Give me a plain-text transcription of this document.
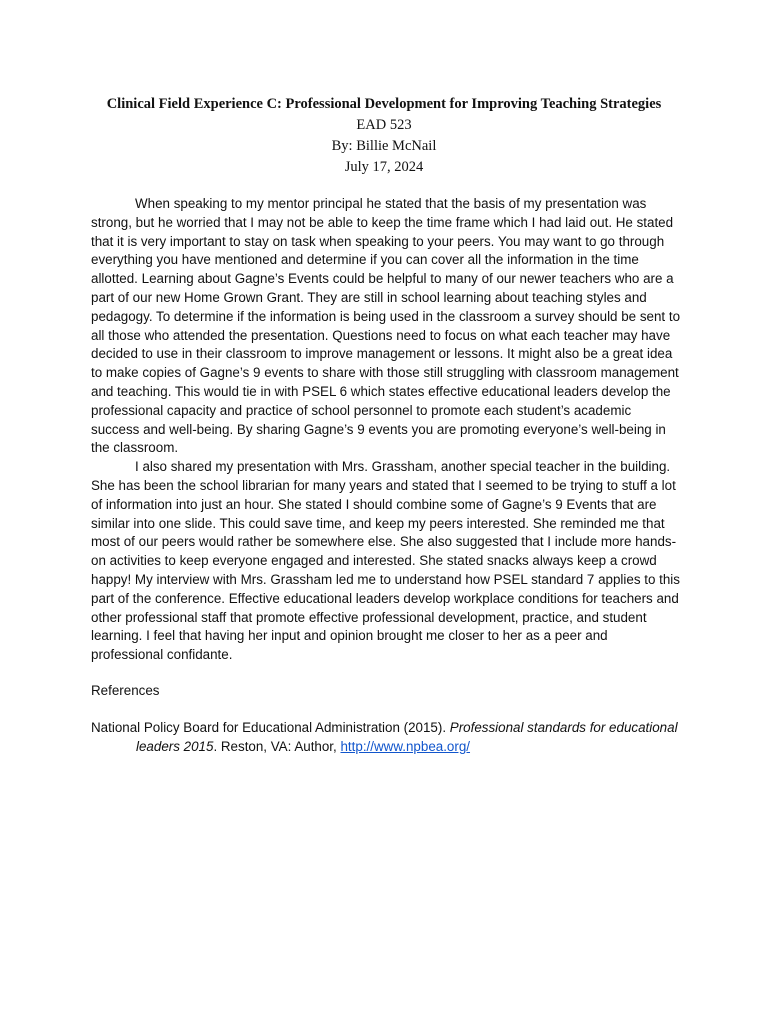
Clinical Field Experience C: Professional Development for Improving Teaching Strategies
EAD 523
By: Billie McNail
July 17, 2024

When speaking to my mentor principal he stated that the basis of my presentation was strong, but he worried that I may not be able to keep the time frame which I had laid out. He stated that it is very important to stay on task when speaking to your peers. You may want to go through everything you have mentioned and determine if you can cover all the information in the time allotted. Learning about Gagne’s Events could be helpful to many of our newer teachers who are a part of our new Home Grown Grant. They are still in school learning about teaching styles and pedagogy. To determine if the information is being used in the classroom a survey should be sent to all those who attended the presentation. Questions need to focus on what each teacher may have decided to use in their classroom to improve management or lessons. It might also be a great idea to make copies of Gagne’s 9 events to share with those still struggling with classroom management and teaching. This would tie in with PSEL 6 which states effective educational leaders develop the professional capacity and practice of school personnel to promote each student’s academic success and well-being. By sharing Gagne’s 9 events you are promoting everyone’s well-being in the classroom.

I also shared my presentation with Mrs. Grassham, another special teacher in the building. She has been the school librarian for many years and stated that I seemed to be trying to stuff a lot of information into just an hour. She stated I should combine some of Gagne’s 9 Events that are similar into one slide. This could save time, and keep my peers interested. She reminded me that most of our peers would rather be somewhere else. She also suggested that I include more hands-on activities to keep everyone engaged and interested. She stated snacks always keep a crowd happy! My interview with Mrs. Grassham led me to understand how PSEL standard 7 applies to this part of the conference. Effective educational leaders develop workplace conditions for teachers and other professional staff that promote effective professional development, practice, and student learning. I feel that having her input and opinion brought me closer to her as a peer and professional confidante.

References
National Policy Board for Educational Administration (2015). Professional standards for educational leaders 2015. Reston, VA: Author, http://www.npbea.org/
